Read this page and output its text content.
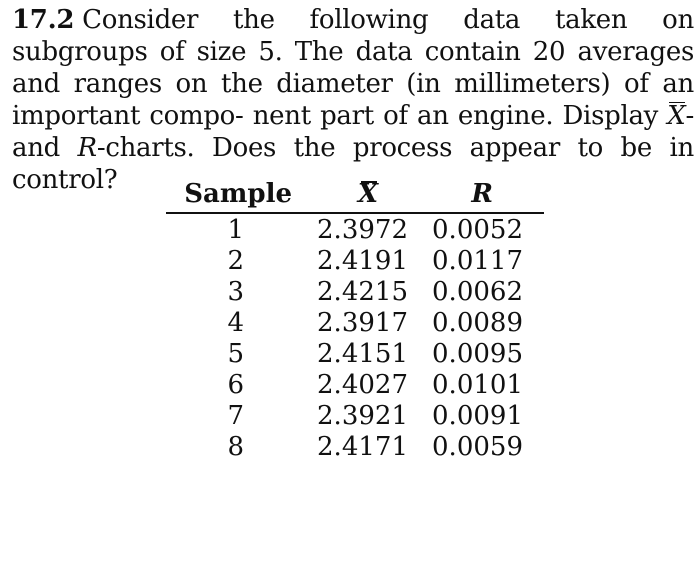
17.2 Consider the following data taken on subgroups of size 5. The data contain 20 averages and ranges on the diameter (in millimeters) of an important compo- nent part of an engine. Display X- and R-charts. Does the process appear to be in control?	Sample	X	R
1	2.3972 0.0052
2	2.4191 0.0117
3	2.4215 0.0062
4	2.3917 0.0089
5	2.4151 0.0095
6	2.4027 0.0101
7	2.3921 0.0091
8	2.4171 0.0059
